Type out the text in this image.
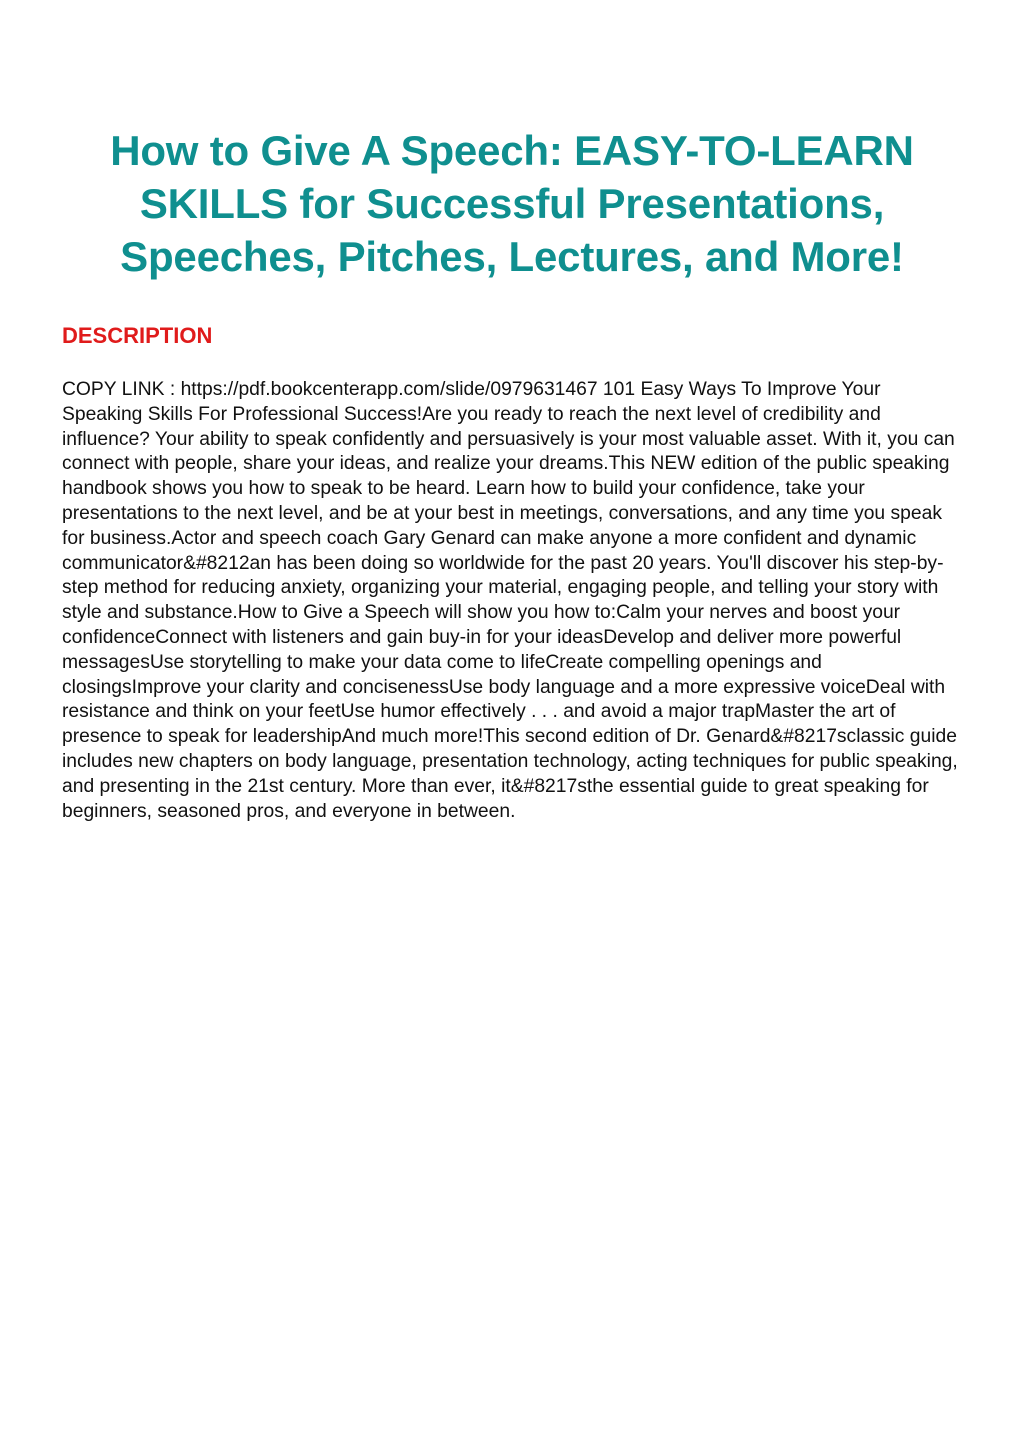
How to Give A Speech: EASY-TO-LEARN SKILLS for Successful Presentations, Speeches, Pitches, Lectures, and More!
DESCRIPTION

COPY LINK : https://pdf.bookcenterapp.com/slide/0979631467 101 Easy Ways To Improve Your Speaking Skills For Professional Success!Are you ready to reach the next level of credibility and influence? Your ability to speak confidently and persuasively is your most valuable asset. With it, you can connect with people, share your ideas, and realize your dreams.This NEW edition of the public speaking handbook shows you how to speak to be heard. Learn how to build your confidence, take your presentations to the next level, and be at your best in meetings, conversations, and any time you speak for business.Actor and speech coach Gary Genard can make anyone a more confident and dynamic communicator&#8212an has been doing so worldwide for the past 20 years. You'll discover his step-by-step method for reducing anxiety, organizing your material, engaging people, and telling your story with style and substance.How to Give a Speech will show you how to:Calm your nerves and boost your confidenceConnect with listeners and gain buy-in for your ideasDevelop and deliver more powerful messagesUse storytelling to make your data come to lifeCreate compelling openings and closingsImprove your clarity and concisenessUse body language and a more expressive voiceDeal with resistance and think on your feetUse humor effectively . . . and avoid a major trapMaster the art of presence to speak for leadershipAnd much more!This second edition of Dr. Genard&#8217sclassic guide includes new chapters on body language, presentation technology, acting techniques for public speaking, and presenting in the 21st century. More than ever, it&#8217sthe essential guide to great speaking for beginners, seasoned pros, and everyone in between.
